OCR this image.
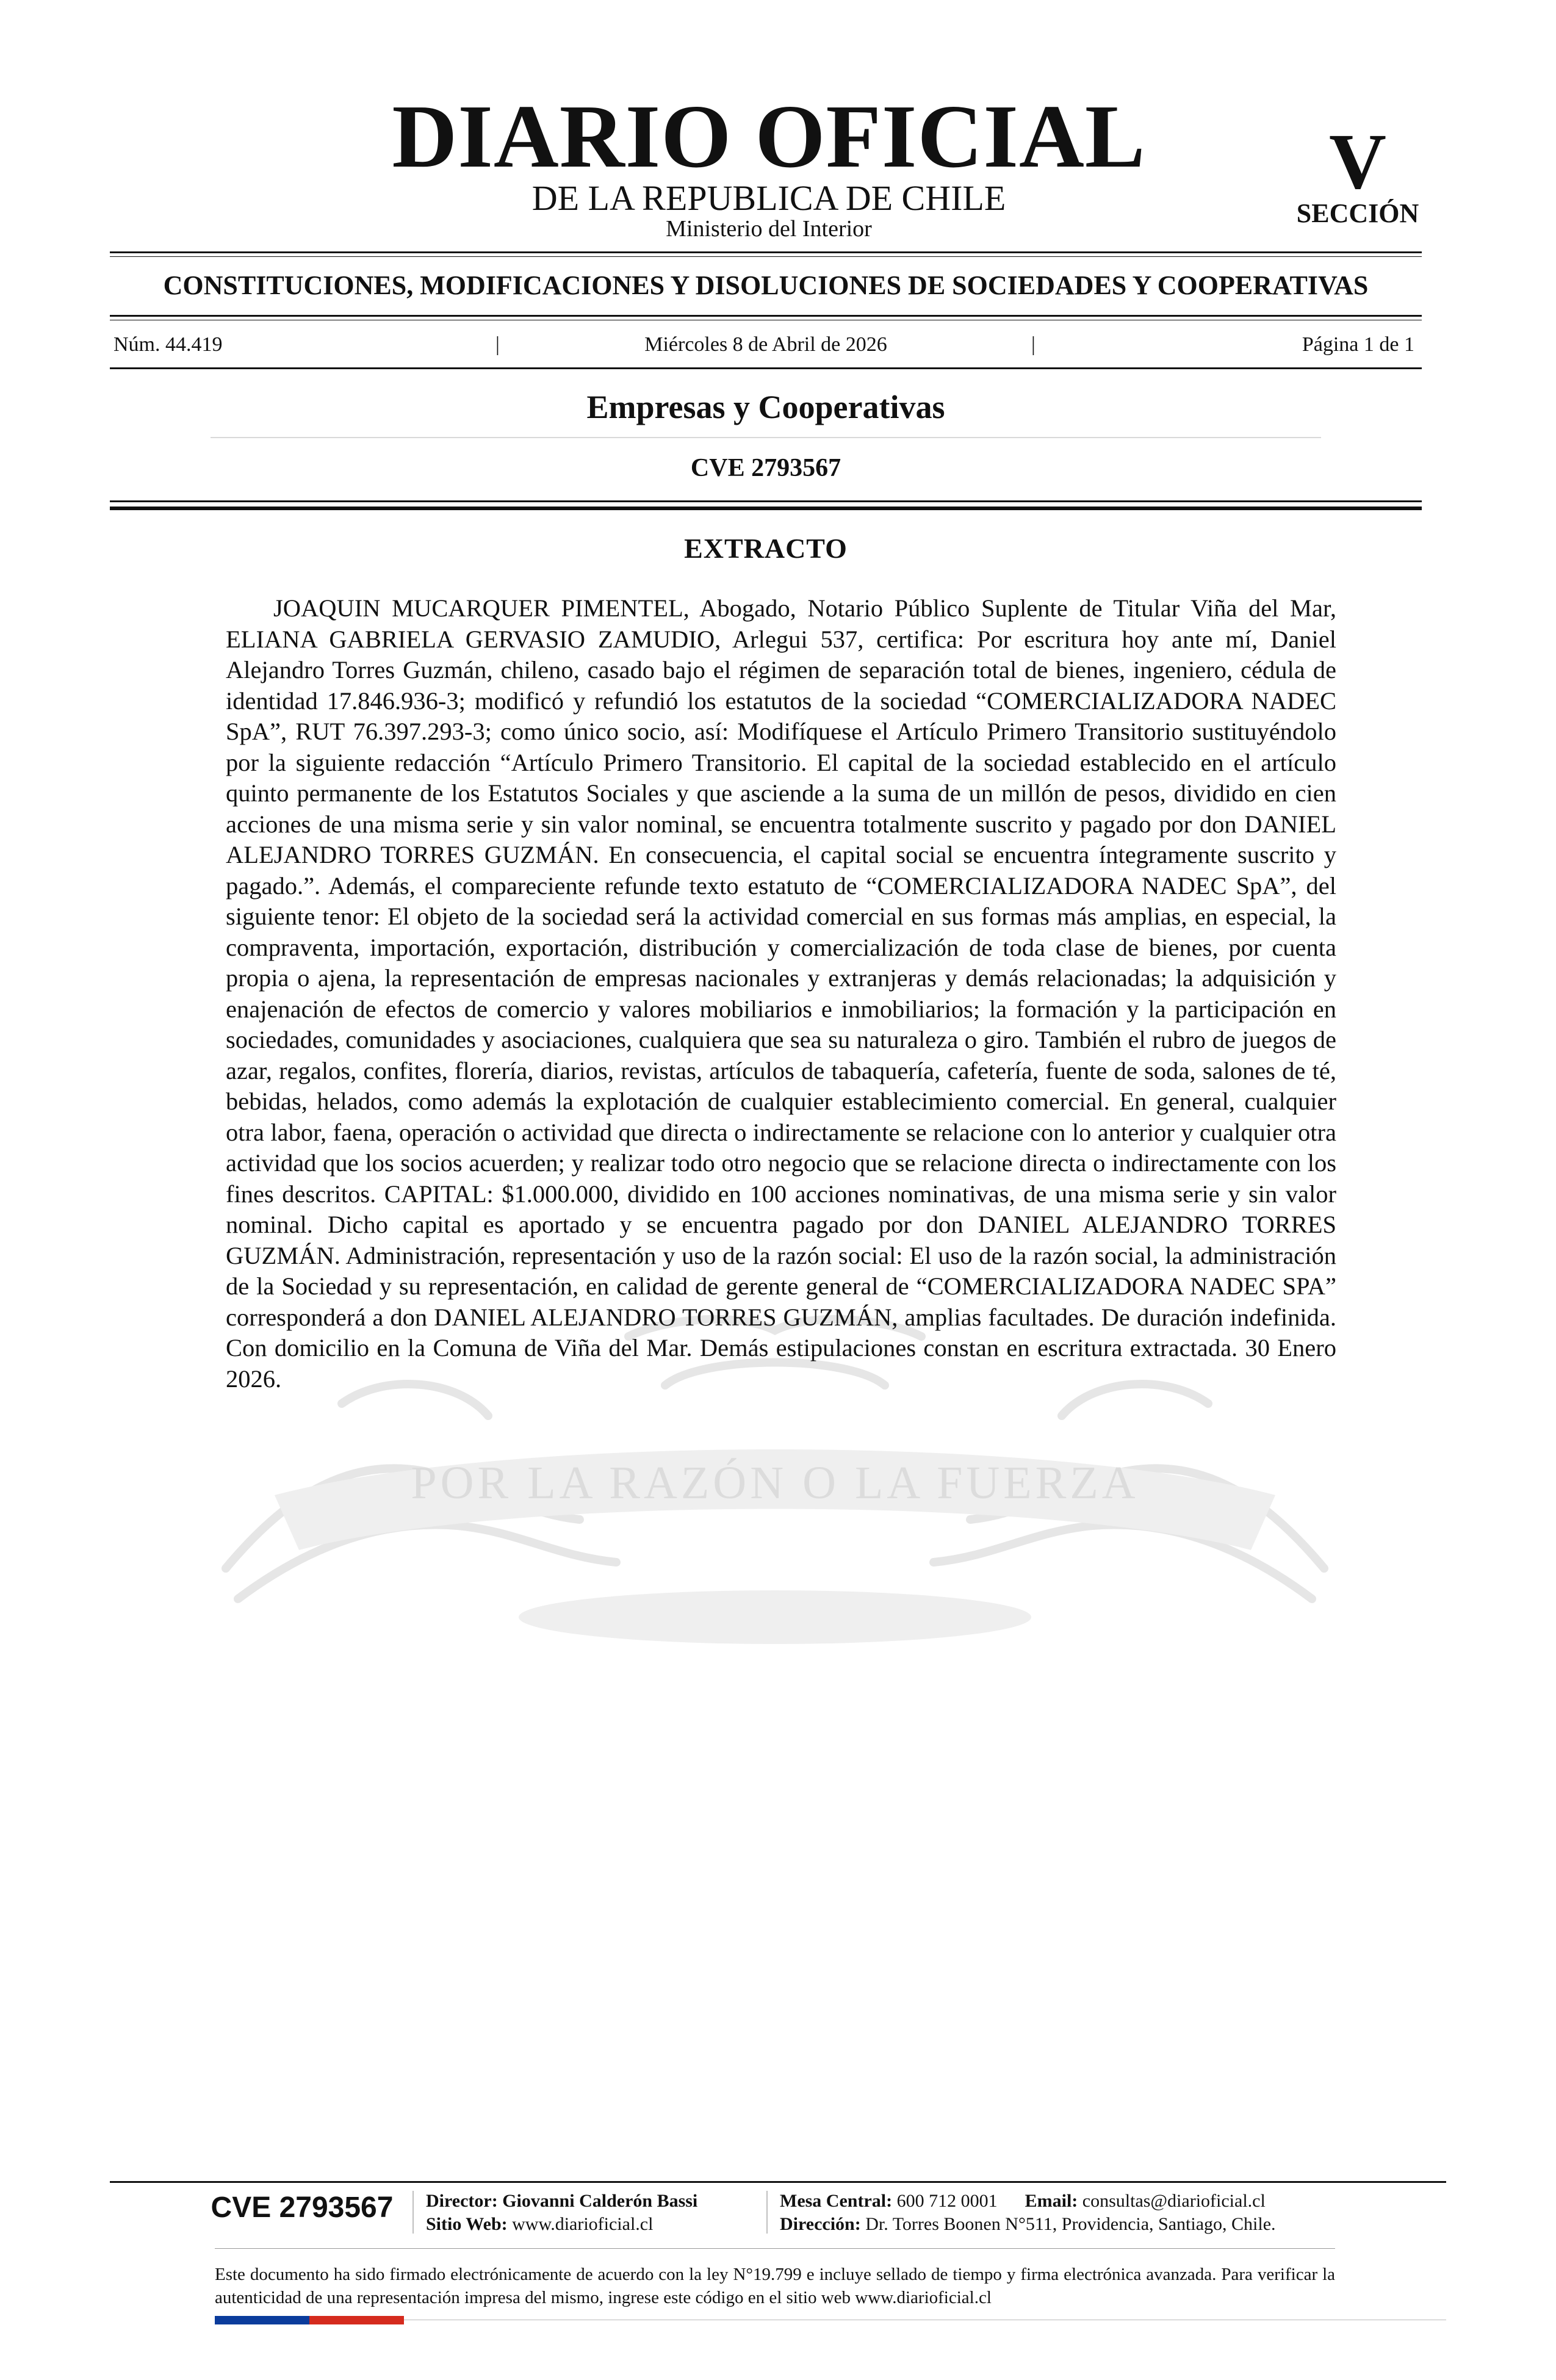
DIARIO OFICIAL
DE LA REPUBLICA DE CHILE
Ministerio del Interior
V
SECCIÓN
CONSTITUCIONES, MODIFICACIONES Y DISOLUCIONES DE SOCIEDADES Y COOPERATIVAS
Núm. 44.419	|	Miércoles 8 de Abril de 2026	|	Página 1 de 1
Empresas y Cooperativas
CVE 2793567
POR LA RAZÓN O LA FUERZA
EXTRACTO

JOAQUIN MUCARQUER PIMENTEL, Abogado, Notario Público Suplente de Titular Viña del Mar, ELIANA GABRIELA GERVASIO ZAMUDIO, Arlegui 537, certifica: Por escritura hoy ante mí, Daniel Alejandro Torres Guzmán, chileno, casado bajo el régimen de separación total de bienes, ingeniero, cédula de identidad 17.846.936-3; modificó y refundió los estatutos de la sociedad “COMERCIALIZADORA NADEC SpA”, RUT 76.397.293-3; como único socio, así: Modifíquese el Artículo Primero Transitorio sustituyéndolo por la siguiente redacción “Artículo Primero Transitorio. El capital de la sociedad establecido en el artículo quinto permanente de los Estatutos Sociales y que asciende a la suma de un millón de pesos, dividido en cien acciones de una misma serie y sin valor nominal, se encuentra totalmente suscrito y pagado por don DANIEL ALEJANDRO TORRES GUZMÁN. En consecuencia, el capital social se encuentra íntegramente suscrito y pagado.”. Además, el compareciente refunde texto estatuto de “COMERCIALIZADORA NADEC SpA”, del siguiente tenor: El objeto de la sociedad será la actividad comercial en sus formas más amplias, en especial, la compraventa, importación, exportación, distribución y comercialización de toda clase de bienes, por cuenta propia o ajena, la representación de empresas nacionales y extranjeras y demás relacionadas; la adquisición y enajenación de efectos de comercio y valores mobiliarios e inmobiliarios; la formación y la participación en sociedades, comunidades y asociaciones, cualquiera que sea su naturaleza o giro. También el rubro de juegos de azar, regalos, confites, florería, diarios, revistas, artículos de tabaquería, cafetería, fuente de soda, salones de té, bebidas, helados, como además la explotación de cualquier establecimiento comercial. En general, cualquier otra labor, faena, operación o actividad que directa o indirectamente se relacione con lo anterior y cualquier otra actividad que los socios acuerden; y realizar todo otro negocio que se relacione directa o indirectamente con los fines descritos. CAPITAL: $1.000.000, dividido en 100 acciones nominativas, de una misma serie y sin valor nominal. Dicho capital es aportado y se encuentra pagado por don DANIEL ALEJANDRO TORRES GUZMÁN. Administración, representación y uso de la razón social: El uso de la razón social, la administración de la Sociedad y su representación, en calidad de gerente general de “COMERCIALIZADORA NADEC SPA” corresponderá a don DANIEL ALEJANDRO TORRES GUZMÁN, amplias facultades. De duración indefinida. Con domicilio en la Comuna de Viña del Mar. Demás estipulaciones constan en escritura extractada. 30 Enero 2026.

CVE 2793567	Director: Giovanni Calderón Bassi
Sitio Web: www.diarioficial.cl
Mesa Central: 600 712 0001 Email: consultas@diarioficial.cl
Dirección: Dr. Torres Boonen N°511, Providencia, Santiago, Chile.

Este documento ha sido firmado electrónicamente de acuerdo con la ley N°19.799 e incluye sellado de tiempo y firma electrónica avanzada. Para verificar la autenticidad de una representación impresa del mismo, ingrese este código en el sitio web www.diarioficial.cl
